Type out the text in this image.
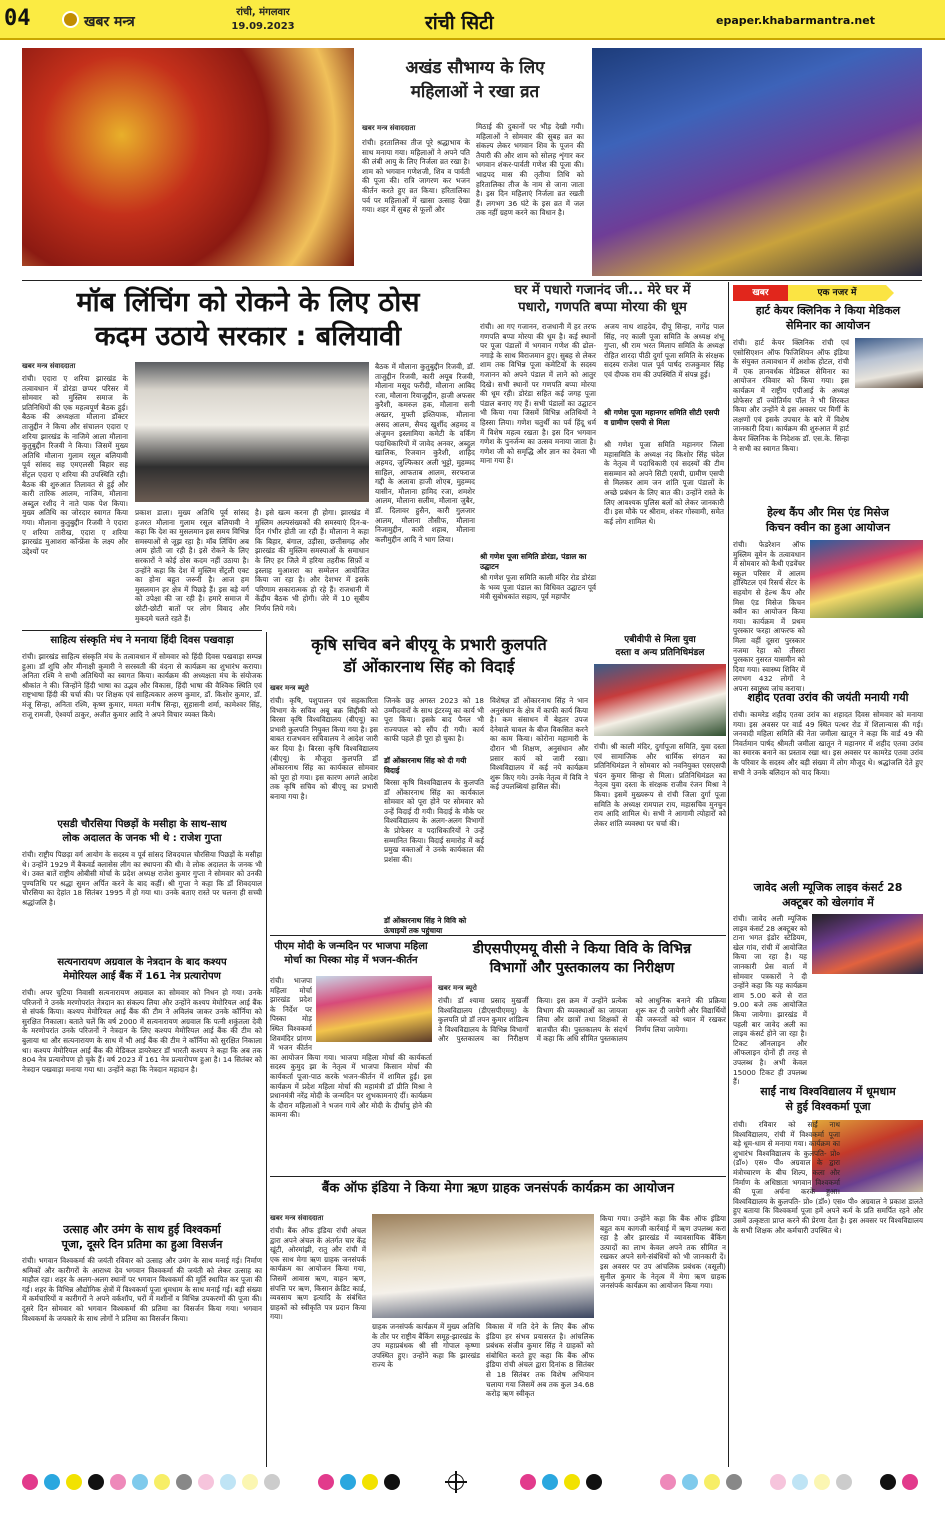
04	खबर मन्त्र
रांची, मंगलवार
19.09.2023	रांची सिटी	epaper.khabarmantra.net
अखंड सौभाग्य के लिए
महिलाओं ने रखा व्रत
खबर मन्त्र संवाददाता
रांची। हरतालिका तीज पूरे श्रद्धाभाव के साथ मनाया गया। महिलाओं ने अपने पति की लंबी आयु के लिए निर्जला व्रत रखा है। शाम को भगवान गणेशजी, शिव व पार्वती की पूजा की। रात्रि जागरण कर भजन कीर्तन करते हुए व्रत किया। हरितालिका पर्व पर महिलाओं में खासा उत्साह देखा गया। शहर में सुबह से फूलों और
मिठाई की दुकानों पर भीड़ देखी गयी। महिलाओं ने सोमवार की सुबह व्रत का संकल्प लेकर भगवान शिव के पूजन की तैयारी की और शाम को सोलह शृंगार कर भगवान शंकर-पार्वती गणेश की पूजा की। भाद्रपद मास की तृतीया तिथि को हरितालिका तीज के नाम से जाना जाता है। इस दिन महिलाएं निर्जला व्रत रखती हैं। लगभग 36 घंटे के इस व्रत में जल तक नहीं ग्रहण करने का विधान है।
मॉब लिंचिंग को रोकने के लिए ठोस
कदम उठाये सरकार : बलियावी
खबर मन्त्र संवाददाता
रांची। एदारा ए शरिया झारखंड के तत्वावधान में डोरंडा छप्पर परिसर में सोमवार को मुस्लिम समाज के प्रतिनिधियों की एक महत्वपूर्ण बैठक हुई। बैठक की अध्यक्षता मौलाना डॉक्टर ताजुद्दीन ने किया और संचालन एदारा ए शरिया झारखंड के नाजिमे आला मौलाना कुतुबुद्दीन रिजवी ने किया। जिसमें मुख्य अतिथि मौलाना गुलाम रसूल बलियावी पूर्व सांसद सह एमएलसी बिहार सह सेंट्रल एदारा ए शरिया की उपस्थिति रही। बैठक की शुरुआत तिलावत से हुई और कारी तारिक आलम, नाजिम, मौलाना अब्दुल रशीद ने नाते पाक पेश किया। मुख्य अतिथि का जोरदार स्वागत किया गया। मौलाना कुतुबुद्दीन रिजवी ने एदारा ए शरिया तारीख, एदारा ए शरिया झारखंड मुआशरा कॉन्फ्रेंस के लक्ष्य और उद्देश्यों पर
प्रकाश डाला। मुख्य अतिथि पूर्व सांसद हजरत मौलाना गुलाम रसूल बलियावी ने कहा कि देश का मुसलमान इस समय विभिन्न समस्याओं से जूझ रहा है। मॉब लिंचिंग अब आम होती जा रही है। इसे रोकने के लिए सरकारों ने कोई ठोस कदम नहीं उठाया है। उन्होंने कहा कि देश में मुस्लिम सेंट्रली एक्ट का होना बहुत जरूरी है। आज हम मुसलमान हर क्षेत्र में पिछड़े हैं। इस बड़े वर्ग को उपेक्षा की जा रही है। हमारे समाज में छोटी-छोटी बातों पर लोग विवाद और मुकदमे चलते रहते हैं।
है। इसे खत्म करना ही होगा। झारखंड में मुस्लिम अल्पसंख्यकों की समस्याएं दिन-ब-दिन गंभीर होती जा रही हैं। मौलाना ने कहा कि बिहार, बंगाल, उड़ीसा, छत्तीसगढ़ और झारखंड की मुस्लिम समस्याओं के समाधान के लिए हर जिले में हरिया तहरीक सिर्फ़ो व इस्लाह मुआशरा का सम्मेलन आयोजित किया जा रहा है। और देशभर में इसके परिणाम सकारात्मक हो रहे हैं। राजधानी में केंद्रीय बैठक भी होगी। जेरे में 10 सूबीय निर्णय लिये गये।
बैठक में मौलाना कुतुबुद्दीन रिजवी, डॉ. ताजुद्दीन रिजवी, कारी अयूब रिजवी, मौलाना मसूद फरीदी, मौलाना आबिद रजा, मौलाना रियाजुद्दीन, हाजी अफसर कुरैशी, कमरुल हक, मौलाना सनी अख्तर, मुफ्ती इश्तियाक, मौलाना असद आलम, सैयद खुर्शीद अहमद व अंजुमन इस्लामिया कमेटी के वर्किंग पदाधिकारियों में जावेद अनवर, अब्दुल खालिक, रिजवान कुरैशी, शाहिद अहमद, जुल्फिकार अली भुट्टो, मुहम्मद साहिल, आफताब आलम, सरफराज गद्दी के अलावा हाजी शोएब, मुहम्मद यासीन, मौलाना हामिद रजा, शमशेर आलम, मौलाना सलीम, मौलाना जुबैर, डॉ. दिलावर हुसैन, कारी गुलजार आलम, मौलाना तौसीफ, मौलाना निजामुद्दीन, कारी शहाब, मौलाना कलीमुद्दीन आदि ने भाग लिया।
घर में पधारो गजानंद जी... मेरे घर में
पधारो, गणपति बप्पा मोरया की धूम
रांची। आ गए गजानन, राजधानी में हर तरफ गणपति बप्पा मोरया की धूम है। कई स्थानों पर पूजा पंडालों में भगवान गणेश की ढोल-नगाड़े के साथ विराजमान हुए। सुबह से लेकर शाम तक विभिन्न पूजा कमेटियों के सदस्य गजानन को अपने पंडाल में लाने को आतुर दिखे। सभी स्थानों पर गणपति बप्पा मोरया की धूम रही। डोरंडा सहित कई जगह पूजा पंडाल बनाए गए हैं। सभी पंडालों का उद्घाटन भी किया गया जिसमें विभिन्न अतिथियों ने हिस्सा लिया। गणेश चतुर्थी का पर्व हिंदू धर्म में विशेष महत्व रखता है। इस दिन भगवान गणेश के पुनर्जन्म का उत्सव मनाया जाता है। गणेश जी को समृद्धि और ज्ञान का देवता भी माना गया है।
श्री गणेश पूजा समिति डोरंडा, पंडाल का उद्घाटन
श्री गणेश पूजा समिति काली मंदिर रोड डोरंडा के भव्य पूजा पंडाल का विधिवत उद्घाटन पूर्व मंत्री सुबोधकांत सहाय, पूर्व महापौर
अजय नाथ शाहदेव, दीपू सिन्हा, नागेंद्र पाल सिंह, नए काली पूजा समिति के अध्यक्ष शंभू गुप्ता, श्री राम भरत मिलाप समिति के अध्यक्ष रोहित शारदा पीठी दुर्गा पूजा समिति के संरक्षक सदस्य राजेश पाल पूर्व पार्षद राजकुमार सिंह एवं दीपक राम की उपस्थिति में संपन्न हुई।
श्री गणेश पूजा महानगर समिति सीटी एसपी व ग्रामीण एसपी से मिला
श्री गणेश पूजा समिति महानगर जिला महासमिति के अध्यक्ष नंद किशोर सिंह चंदेल के नेतृत्व में पदाधिकारी एवं सदस्यों की टीम ससम्मान को अपने सिटी एसपी, ग्रामीण एसपी से मिलकर आम जन शांति पूजा पंडालों के अच्छे प्रबंधन के लिए बात की। उन्होंने रास्ते के लिए आवश्यक पुलिस बलों को लेकर जानकारी दी। इस मौके पर श्रीराम, शंकर गोस्वामी, समेत कई लोग शामिल थे।
खबर	एक नजर में
हार्ट केयर क्लिनिक ने किया मेडिकल
सेमिनार का आयोजन
रांची। हार्ट केयर क्लिनिक रांची एवं एसोसिएशन ऑफ फिजिशियन ऑफ इंडिया के संयुक्त तत्वावधान में अशोक होटल, रांची में एक ज्ञानवर्धक मेडिकल सेमिनार का आयोजन रविवार को किया गया। इस कार्यक्रम में राष्ट्रीय एपीआई के अध्यक्ष प्रोफेसर डॉ ज्योतिर्मय पॉल ने भी शिरकत किया और उन्होंने ये इस अवसर पर मिर्गी के लक्षणों एवं इसके उपचार के बारे में विशेष जानकारी दिया। कार्यक्रम की शुरुआत में हार्ट केयर क्लिनिक के निदेशक डॉ. एस.के. सिन्हा ने सभी का स्वागत किया।
हेल्थ कैंप और मिस एंड मिसेज
किचन क्वीन का हुआ आयोजन
रांची। फेडरेशन ऑफ मुस्लिम वूमेन के तत्वावधान में सोमवार को कैथी एडवेंचर स्कूल परिसर में आलम हॉस्पिटल एवं रिसर्च सेंटर के सहयोग से हेल्थ कैंप और मिस एंड मिसेज किचन क्वीन का आयोजन किया गया। कार्यक्रम में प्रथम पुरस्कार फरहा आफरफ को मिला वहीं दूसरा पुरस्कार नजमा रेहा को तीसरा पुरस्कार नुसरत यासमीन को दिया गया। स्वास्थ्य शिविर में लगभग 432 लोगों ने अपना स्वास्थ्य जांच कराया।
शहीद एतवा उरांव की जयंती मनायी गयी
रांची। कामरेड शहीद एतवा उरांव का शहादत दिवस सोमवार को मनाया गया। इस अवसर पर वार्ड 49 स्थित पत्थर रोड में शिलान्यास की गई। जनवादी महिला समिति की नेता जमीला खातून ने कहा कि वार्ड 49 की निवर्तमान पार्षद श्रीमती जमीला खातून ने महानगर में शहीद एतवा उरांव का स्मारक बनाने का प्रस्ताव रखा था। इस अवसर पर कामरेड एतवा उरांव के परिवार के सदस्य और बड़ी संख्या में लोग मौजूद थे। श्रद्धांजलि देते हुए सभी ने उनके बलिदान को याद किया।
जावेद अली म्यूजिक लाइव कंसर्ट 28
अक्टूबर को खेलगांव में
रांची। जावेद अली म्यूजिक लाइव कंसर्ट 28 अक्टूबर को टाना भगत इंडोर स्टेडियम, खेल गांव, रांची में आयोजित किया जा रहा है। यह जानकारी प्रेस वार्ता में सोमवार पत्रकारों ने दी उन्होंने कहा कि यह कार्यक्रम शाम 5.00 बजे से रात 9.00 बजे तक आयोजित किया जायेगा। झारखंड में पहली बार जावेद अली का लाइव कंसर्ट होने जा रहा है। टिकट ऑनलाइन और ऑफलाइन दोनों ही तरह से उपलब्ध है। अभी केवल 15000 टिकट ही उपलब्ध हैं।
साईं नाथ विश्वविद्यालय में धूमधाम
से हुई विश्वकर्मा पूजा
रांची। रविवार को साईं नाथ विश्वविद्यालय, रांची में विश्वकर्मा पूजा बड़े धूम-धाम से मनाया गया। कार्यक्रम का शुभारंभ विश्वविद्यालय के कुलपति- प्रो० (डॉ०) एस० पी० अग्रवाल के द्वारा मंत्रोच्चारण के बीच शिल्प, कला और निर्माण के अधिष्ठाता भगवान विश्वकर्मा की पूजा अर्चना करके हुआ। विश्वविद्यालय के कुलपति- प्रो० (डॉ०) एस० पी० अग्रवाल ने प्रकाश डालते हुए बताया कि विश्वकर्मा पूजा हमें अपने कर्म के प्रति समर्पित रहने और उसमें उत्कृष्टता प्राप्त करने की प्रेरणा देता है। इस अवसर पर विश्वविद्यालय के सभी शिक्षक और कर्मचारी उपस्थित थे।
साहित्य संस्कृति मंच ने मनाया हिंदी दिवस पखवाड़ा
रांची। झारखंड साहित्य संस्कृति मंच के तत्वावधान में सोमवार को हिंदी दिवस पखवाड़ा सम्पन्न हुआ। डॉ शुचि और मीनाक्षी कुमारी ने सरस्वती की वंदना से कार्यक्रम का शुभारंभ कराया। अनिता रश्मि ने सभी अतिथियों का स्वागत किया। कार्यक्रम की अध्यक्षता मंच के संयोजक श्रीकांत ने की। जिन्होंने हिंदी भाषा का उद्भव और विकास, हिंदी भाषा की वैश्विक स्थिति एवं राष्ट्रभाषा हिंदी की चर्चा की। पर शिक्षक एवं साहित्यकार अरुण कुमार, डॉ. किशोर कुमार, डॉ. मंजू सिन्हा, अनिता रश्मि, कृष्ण कुमार, ममता मनीष सिन्हा, सुहासनी शर्मा, कामेश्वर सिंह, राजू रामजी, ऐश्वर्या ठाकुर, अजीत कुमार आदि ने अपने विचार व्यक्त किये।
एसडी चौरसिया पिछड़ों के मसीहा के साथ-साथ
लोक अदालत के जनक भी थे : राजेश गुप्ता
रांची। राष्ट्रीय पिछड़ा वर्ग आयोग के सदस्य व पूर्व सांसद शिवदयाल चौरसिया पिछड़ों के मसीहा थे। उन्होंने 1929 में बैकवर्ड क्लासेस लीग का स्थापना की थी। वे लोक अदालत के जनक भी थे। उक्त बातें राष्ट्रीय ओबीसी मोर्चा के प्रदेश अध्यक्ष राजेश कुमार गुप्ता ने सोमवार को उनकी पुण्यतिथि पर श्रद्धा सुमन अर्पित करने के बाद कहीं। श्री गुप्ता ने कहा कि डॉ शिवदयाल चौरसिया का देहांत 18 सितंबर 1995 में हो गया था। उनके बताए रास्ते पर चलना ही सच्ची श्रद्धांजलि है।
सत्यनारायण अग्रवाल के नेत्रदान के बाद कश्यप
मेमोरियल आई बैंक में 161 नेत्र प्रत्यारोपण
रांची। अपर चुटिया निवासी सत्यनारायण अग्रवाल का सोमवार को निधन हो गया। उनके परिजनों ने उनके मरणोपरांत नेत्रदान का संकल्प लिया और उन्होंने कश्यप मेमोरियल आई बैंक से संपर्क किया। कश्यप मेमोरियल आई बैंक की टीम ने अविलंब जाकर उनके कॉर्निया को सुरक्षित निकाला। बताते चलें कि वर्ष 2000 में सत्यनारायण अग्रवाल कि पत्नी शकुंतला देवी के मरणोपरांत उनके परिजनों ने नेत्रदान के लिए कश्यप मेमोरियल आई बैंक की टीम को बुलाया था और सत्यनारायण के साथ में भी आई बैंक की टीम ने कॉर्निया को सुरक्षित निकाला था। कश्यप मेमोरियल आई बैंक की मेडिकल डायरेक्टर डॉ भारती कश्यप ने कहा कि अब तक 804 नेत्र प्रत्यारोपण हो चुके हैं। वर्ष 2023 में 161 नेत्र प्रत्यारोपण हुआ है। 14 सितंबर को नेत्रदान पखवाड़ा मनाया गया था। उन्होंने कहा कि नेत्रदान महादान है।
उत्साह और उमंग के साथ हुई विश्वकर्मा
पूजा, दूसरे दिन प्रतिमा का हुआ विसर्जन
रांची। भगवान विश्वकर्मा की जयंती रविवार को उत्साह और उमंग के साथ मनाई गई। निर्माण श्रमिकों और कारीगरों के आराध्य देव भगवान विश्वकर्मा की जयंती को लेकर उत्साह का माहौल रहा। शहर के अलग-अलग स्थानों पर भगवान विश्वकर्मा की मूर्ति स्थापित कर पूजा की गई। शहर के विभिन्न औद्योगिक क्षेत्रों में विश्वकर्मा पूजा धूमधाम के साथ मनाई गई। बड़ी संख्या में कर्मचारियों व कारीगरों ने अपने वर्कशॉप, घरों में मशीनों व विभिन्न उपकरणों की पूजा की। दूसरे दिन सोमवार को भगवान विश्वकर्मा की प्रतिमा का विसर्जन किया गया। भगवान विश्वकर्मा के जयकारे के साथ लोगों ने प्रतिमा का विसर्जन किया।
कृषि सचिव बने बीएयू के प्रभारी कुलपति
डॉ ओंकारनाथ सिंह को विदाई
खबर मन्त्र ब्यूरो
रांची। कृषि, पशुपालन एवं सहकारिता विभाग के सचिव अबू बक्र सिद्दीकी को बिरसा कृषि विश्वविद्यालय (बीएयू) का प्रभारी कुलपति नियुक्त किया गया है। इस बाबत राजभवन सचिवालय ने आदेश जारी कर दिया है। बिरसा कृषि विश्वविद्यालय (बीएयू) के मौजूदा कुलपति डॉ ओंकारनाथ सिंह का कार्यकाल सोमवार को पूरा हो गया। इस कारण अगले आदेश तक कृषि सचिव को बीएयू का प्रभारी बनाया गया है।
जिनके छह अगस्त 2023 को 18 उम्मीदवारों के साथ इंटरव्यू का कार्य भी पूरा किया। इसके बाद पैनल भी राज्यपाल को सौंप दी गयी। कार्य काफी पहले ही पूरा हो चुका है।
डॉ ओंकारनाथ सिंह को दी गयी विदाई
बिरसा कृषि विश्वविद्यालय के कुलपति डॉ ओंकारनाथ सिंह का कार्यकाल सोमवार को पूरा होने पर सोमवार को उन्हें विदाई दी गयी। विदाई के मौके पर विश्वविद्यालय के अलग-अलग विभागों के प्रोफेसर व पदाधिकारियों ने उन्हें सम्मानित किया। विदाई समारोह में कई प्रमुख वक्ताओं ने उनके कार्यकाल की प्रशंसा की।
डॉ ओंकारनाथ सिंह ने विवि को ऊंचाइयों तक पहुंचाया
विशेषज्ञ डॉ ओंकारनाथ सिंह ने भान अनुसंधान के क्षेत्र में काफी कार्य किया है। कम संसाधन में बेहतर उपज देनेवाले चावल के बीज विकसित करने का काम किया। कोरोना महामारी के दौरान भी शिक्षण, अनुसंधान और प्रसार कार्य को जारी रखा। विश्वविद्यालय में कई नये कार्यक्रम शुरू किए गये। उनके नेतृत्व में विवि ने कई उपलब्धियां हासिल कीं।
एबीवीपी से मिला युवा
दस्ता व अन्य प्रतिनिधिमंडल
रांची। श्री काली मंदिर, दुर्गापूजा समिति, युवा दस्ता एवं सामाजिक और धार्मिक संगठन का प्रतिनिधिमंडल ने सोमवार को नवनियुक्त एसएसपी चंदन कुमार सिन्हा से मिला। प्रतिनिधिमंडल का नेतृत्व युवा दस्ता के संरक्षक राजीव रंजन मिश्रा ने किया। इसमें मुख्यरूप से रांची जिला दुर्गा पूजा समिति के अध्यक्ष रामपाल राय, महासचिव मुनचुन राय आदि शामिल थे। सभी ने आगामी त्योहारों को लेकर शांति व्यवस्था पर चर्चा की।
पीएम मोदी के जन्मदिन पर भाजपा महिला
मोर्चा का पिस्का मोड़ में भजन-कीर्तन
रांची। भाजपा महिला मोर्चा झारखंड प्रदेश के निर्देश पर पिस्का मोड़ स्थित विश्वकर्मा शिवमंदिर प्रांगण में भजन कीर्तन का आयोजन किया गया। भाजपा महिला मोर्चा की कार्यकर्ता सदस्य कुमुद झा के नेतृत्व में भाजपा किसान मोर्चा की कार्यकर्ता पूजा-पाठ करके भजन-कीर्तन में शामिल हुईं। इस कार्यक्रम में प्रदेश महिला मोर्चा की महामंत्री डॉ प्रीति मिश्रा ने प्रधानमंत्री नरेंद्र मोदी के जन्मदिन पर शुभकामनाएं दीं। कार्यक्रम के दौरान महिलाओं ने भजन गाये और मोदी के दीर्घायु होने की कामना की।
डीएसपीएमयू वीसी ने किया विवि के विभिन्न
विभागों और पुस्तकालय का निरीक्षण
खबर मन्त्र ब्यूरो
रांची। डॉ श्यामा प्रसाद मुखर्जी विश्वविद्यालय (डीएसपीएमयू) के कुलपति प्रो डॉ तपन कुमार शांडिल्य ने विश्वविद्यालय के विभिन्न विभागों और पुस्तकालय का निरीक्षण किया। इस क्रम में उन्होंने प्रत्येक विभाग की व्यवस्थाओं का जायजा लिया और छात्रों तथा शिक्षकों से बातचीत की। पुस्तकालय के संदर्भ में कहा कि अधि सीमित पुस्तकालय को आधुनिक बनाने की प्रक्रिया शुरू कर दी जायेगी और विद्यार्थियों की जरूरतों को ध्यान में रखकर निर्णय लिया जायेगा।
बैंक ऑफ इंडिया ने किया मेगा ऋण ग्राहक जनसंपर्क कार्यक्रम का आयोजन
खबर मन्त्र संवाददाता
रांची। बैंक ऑफ इंडिया रांची अंचल द्वारा अपने अंचल के अंतर्गत चार केंद्र खूंटी, ओरमांझी, रातु और रांची में एक साथ मेगा ऋण ग्राहक जनसंपर्क कार्यक्रम का आयोजन किया गया, जिसमें आवास ऋण, वाहन ऋण, संपत्ति पर ऋण, किसान क्रेडिट कार्ड, व्यवसाय ऋण इत्यादि के संबंधित ग्राहकों को स्वीकृति पत्र प्रदान किया गया।
ग्राहक जनसंपर्क कार्यक्रम में मुख्य अतिथि के तौर पर राष्ट्रीय बैंकिंग समूह-झारखंड के उप महाप्रबंधक श्री सी गोपाल कृष्णा उपस्थित हुए। उन्होंने कहा कि झारखंड राज्य के
विकास में गति देने के लिए बैंक ऑफ इंडिया हर संभव प्रयासरत है। आंचलिक प्रबंधक संजीव कुमार सिंह ने ग्राहकों को संबोधित करते हुए कहा कि बैंक ऑफ इंडिया रांची अंचल द्वारा दिनांक 8 सितंबर से 18 सितंबर तक विशेष अभियान चलाया गया जिसमें अब तक कुल 34.68 करोड़ ऋण स्वीकृत
किया गया। उन्होंने कहा कि बैंक ऑफ इंडिया बहुत कम कागजी कार्रवाई में ऋण उपलब्ध करा रहा है और झारखंड में व्यावसायिक बैंकिंग उत्पादों का लाभ केवल अपने तक सीमित न रखकर अपने सगे-संबंधियों को भी जानकारी दें। इस अवसर पर उप आंचलिक प्रबंधक (वसूली) सुनील कुमार के नेतृत्व में मेगा ऋण ग्राहक जनसंपर्क कार्यक्रम का आयोजन किया गया।
